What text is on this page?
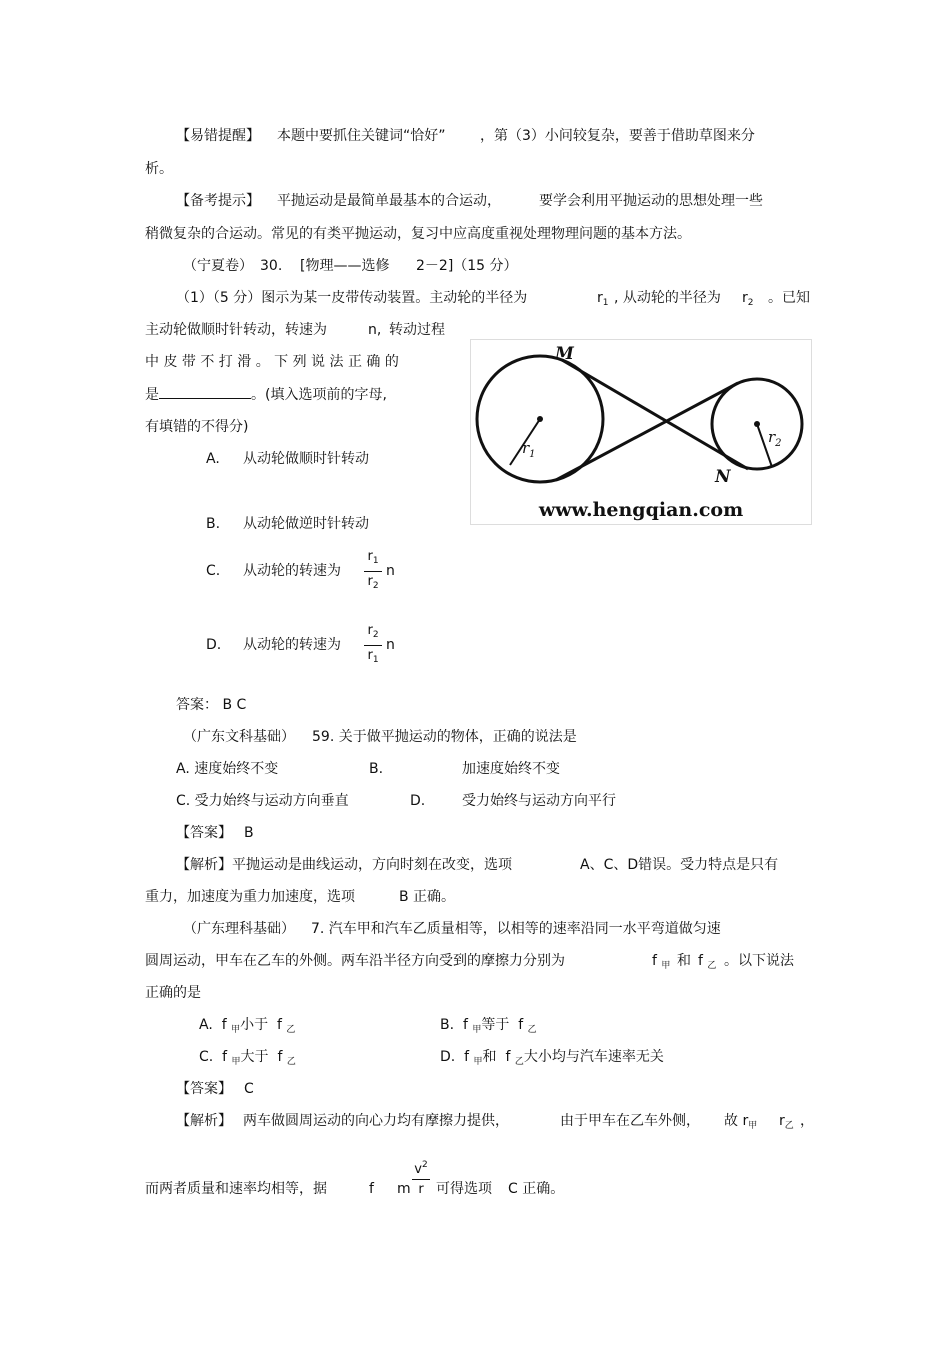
【易错提醒】 本题中要抓住关键词“恰好” ，第（3）小问较复杂，要善于借助草图来分
析。
【备考提示】 平抛运动是最简单最基本的合运动，	要学会利用平抛运动的思想处理一些
稍微复杂的合运动。常见的有类平抛运动，复习中应高度重视处理物理问题的基本方法。
（宁夏卷） 30. [物理——选修 2－2]（15 分）
（1）（5 分）图示为某一皮带传动装置。主动轮的半径为	$r_1$ , 从动轮的半径为 $r_2$ 。已知
主动轮做顺时针转动，转速为	n, 转动过程
中 皮 带 不 打 滑 。 下 列 说 法 正 确 的
是	。(填入选项前的字母,
有填错的不得分)
A. 从动轮做顺时针转动
B. 从动轮做逆时针转动
C. 从动轮的转速为
$r_1$
$r_2$
n
D. 从动轮的转速为
$r_2$
$r_1$
n
答案： B C
M
N
$r_1$
$r_2$
www.hengqian.com
（广东文科基础） 59. 关于做平抛运动的物体，正确的说法是
A. 速度始终不变	B.	加速度始终不变
C. 受力始终与运动方向垂直	D.	受力始终与运动方向平行
【答案】 B
【解析】平抛运动是曲线运动，方向时刻在改变，选项	A、C、D错误。受力特点是只有
重力，加速度为重力加速度，选项	B 正确。
（广东理科基础） 7. 汽车甲和汽车乙质量相等，以相等的速率沿同一水平弯道做匀速
圆周运动，甲车在乙车的外侧。两车沿半径方向受到的摩擦力分别为	f $_甲$ 和 f $_乙$ 。以下说法
正确的是
A. f $_甲$小于 f $_乙$	B. f $_甲$等于 f $_乙$
C. f $_甲$大于 f $_乙$	D. f $_甲$和 f $_乙$大小均与汽车速率无关
【答案】 C
【解析】 两车做圆周运动的向心力均有摩擦力提供，	由于甲车在乙车外侧， 故 $r_甲$ $r_乙$ ，
而两者质量和速率均相等，据	f m
$v^2$
r 可得选项 C 正确。
